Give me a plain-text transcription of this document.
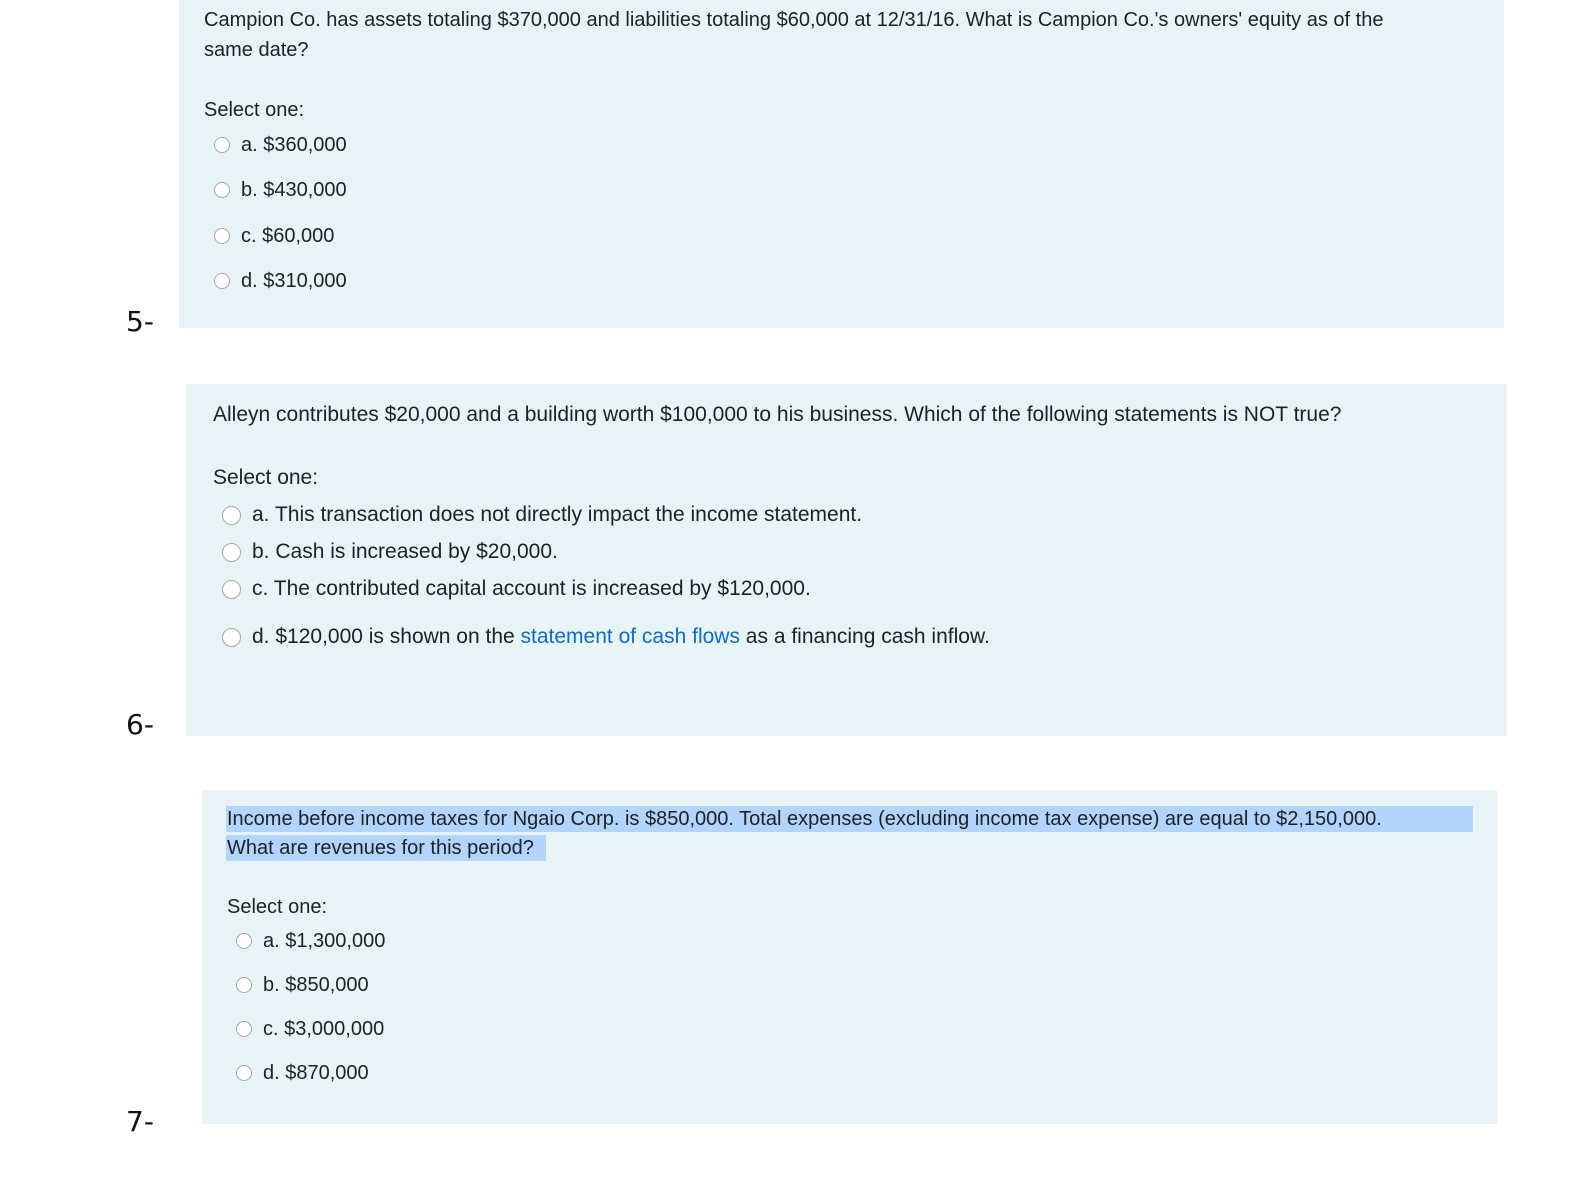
Campion Co. has assets totaling $370,000 and liabilities totaling $60,000 at 12/31/16. What is Campion Co.'s owners' equity as of the
same date?
Select one:
a. $360,000
b. $430,000
c. $60,000
d. $310,000
5-
Alleyn contributes $20,000 and a building worth $100,000 to his business. Which of the following statements is NOT true?
Select one:
a. This transaction does not directly impact the income statement.
b. Cash is increased by $20,000.
c. The contributed capital account is increased by $120,000.
d. $120,000 is shown on the statement of cash flows as a financing cash inflow.
6-
Income before income taxes for Ngaio Corp. is $850,000. Total expenses (excluding income tax expense) are equal to $2,150,000.
What are revenues for this period?
Select one:
a. $1,300,000
b. $850,000
c. $3,000,000
d. $870,000
7-
